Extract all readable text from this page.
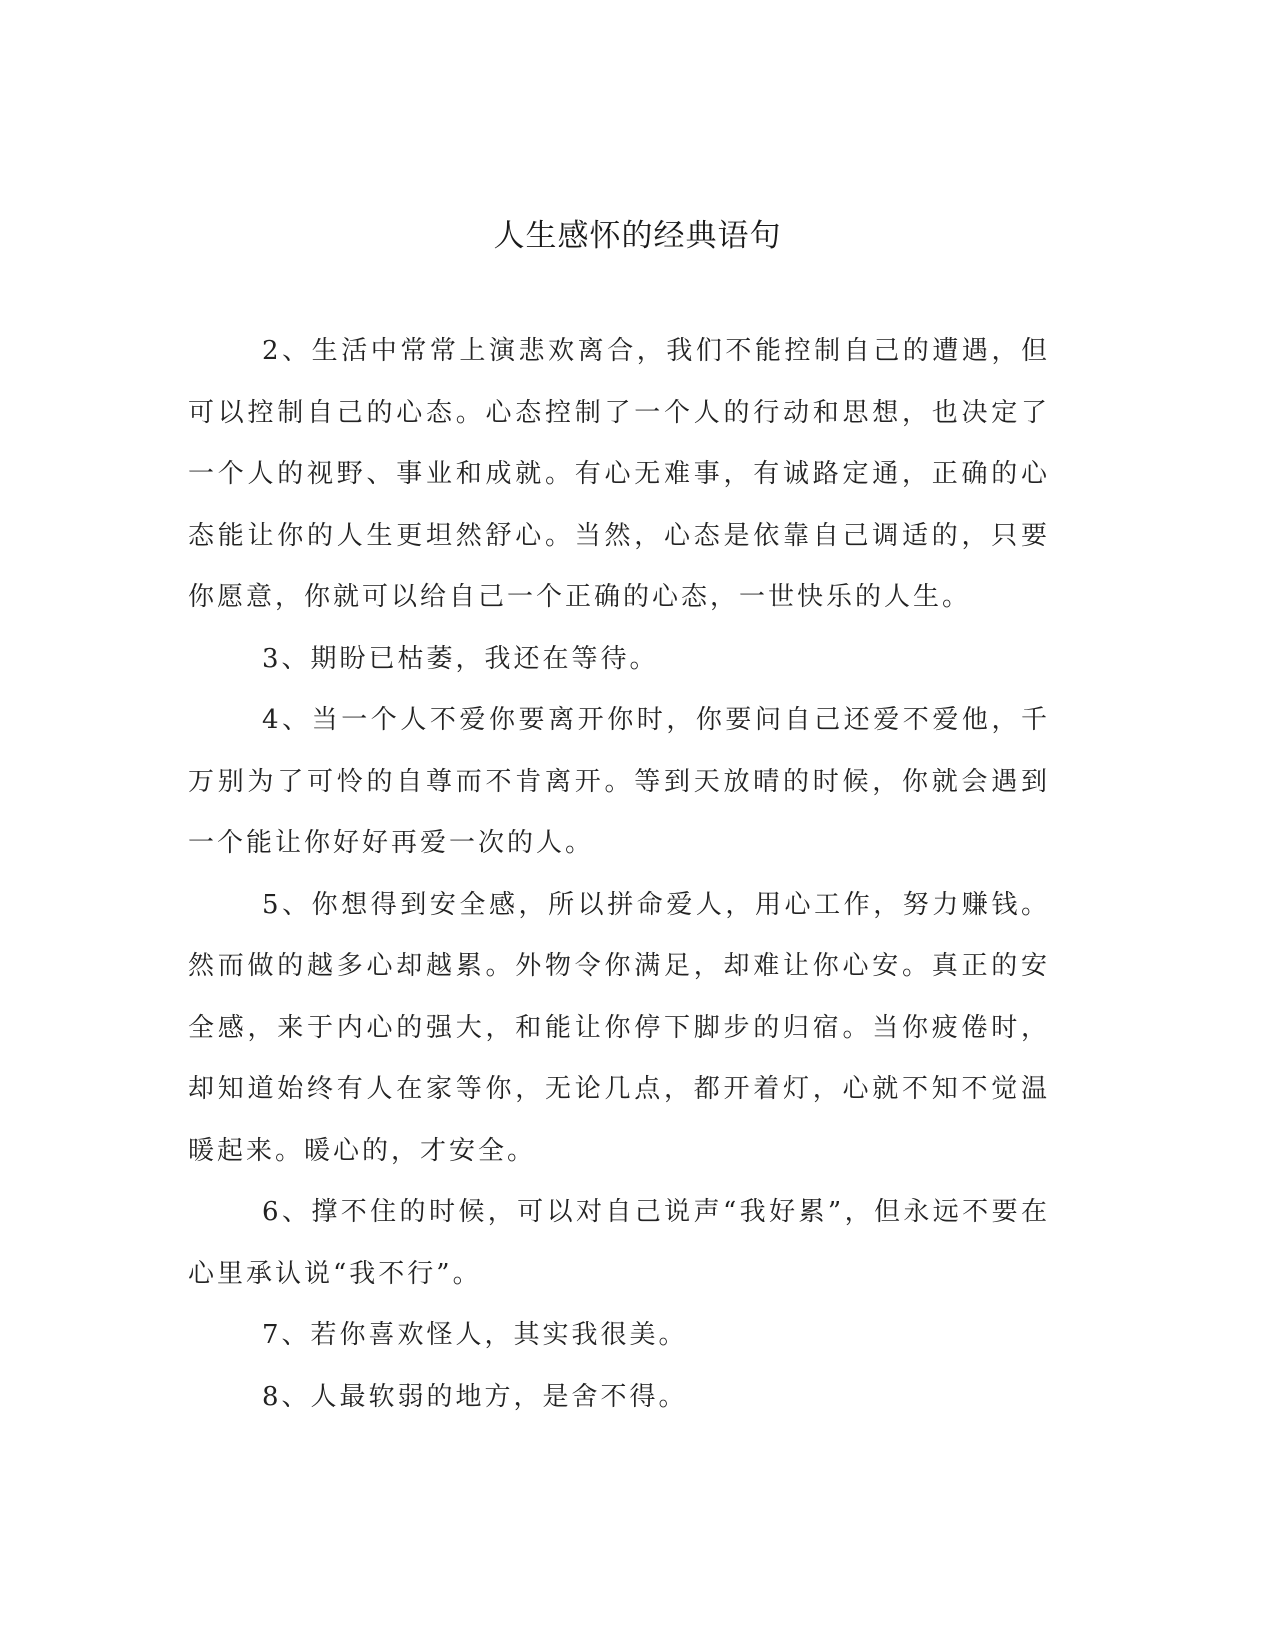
人生感怀的经典语句

2、生活中常常上演悲欢离合，我们不能控制自己的遭遇，但可以控制自己的心态。心态控制了一个人的行动和思想，也决定了一个人的视野、事业和成就。有心无难事，有诚路定通，正确的心态能让你的人生更坦然舒心。当然，心态是依靠自己调适的，只要你愿意，你就可以给自己一个正确的心态，一世快乐的人生。

3、期盼已枯萎，我还在等待。

4、当一个人不爱你要离开你时，你要问自己还爱不爱他，千万别为了可怜的自尊而不肯离开。等到天放晴的时候，你就会遇到一个能让你好好再爱一次的人。

5、你想得到安全感，所以拼命爱人，用心工作，努力赚钱。然而做的越多心却越累。外物令你满足，却难让你心安。真正的安全感，来于内心的强大，和能让你停下脚步的归宿。当你疲倦时，却知道始终有人在家等你，无论几点，都开着灯，心就不知不觉温暖起来。暖心的，才安全。

6、撑不住的时候，可以对自己说声“我好累”，但永远不要在心里承认说“我不行”。

7、若你喜欢怪人，其实我很美。

8、人最软弱的地方，是舍不得。
